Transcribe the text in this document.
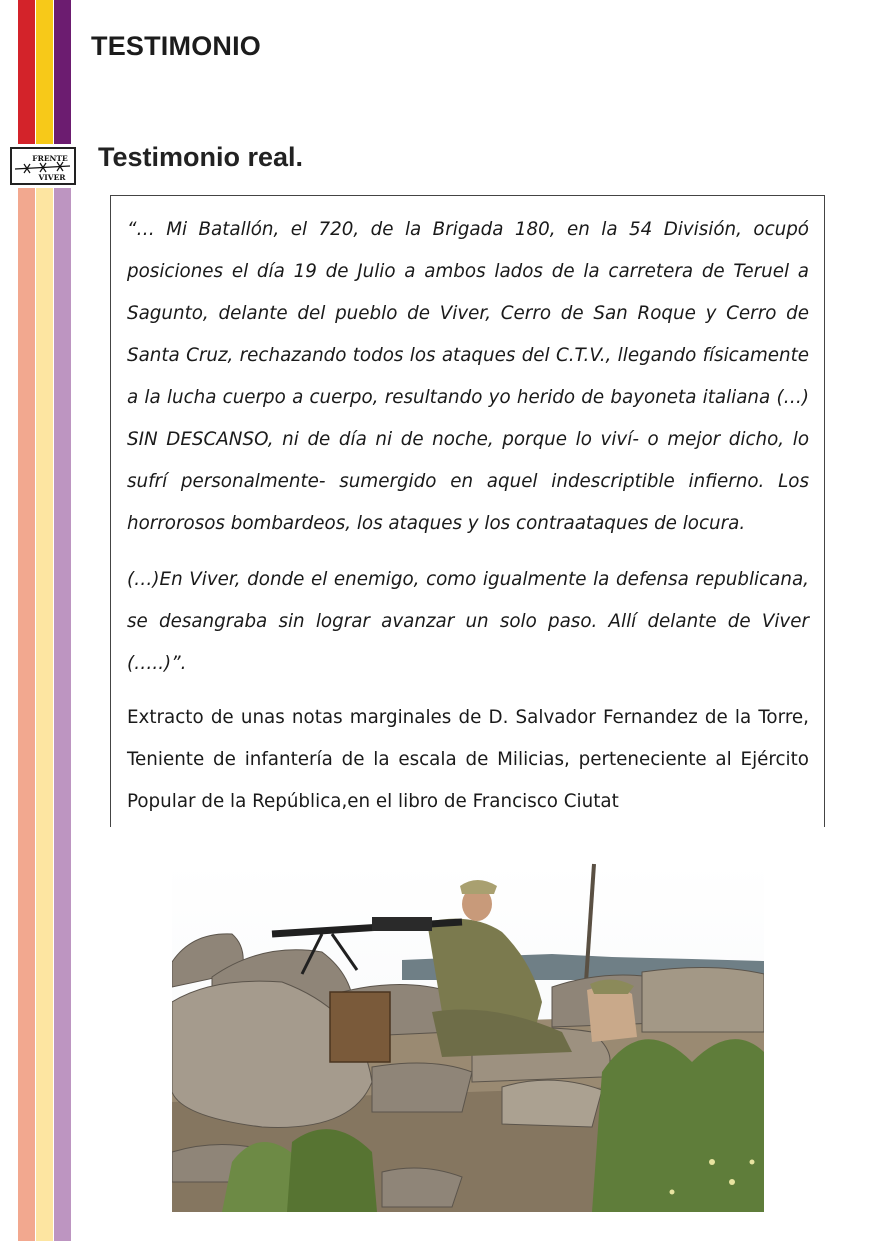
TESTIMONIO
FRENTE
VIVER
Testimonio real.

“… Mi Batallón, el 720, de la Brigada 180, en la 54 División, ocupó posiciones el día 19 de Julio a ambos lados de la carretera de Teruel a Sagunto, delante del pueblo de Viver, Cerro de San Roque y Cerro de Santa Cruz, rechazando todos los ataques del C.T.V., llegando físicamente a la lucha cuerpo a cuerpo, resultando yo herido de bayoneta italiana (…) SIN DESCANSO, ni de día ni de noche, porque lo viví- o mejor dicho, lo sufrí personalmente- sumergido en aquel indescriptible infierno. Los horrorosos bombardeos, los ataques y los contraataques de locura.

(…)En Viver, donde el enemigo, como igualmente la defensa republicana, se desangraba sin lograr avanzar un solo paso. Allí delante de Viver (…..)”.

Extracto de unas notas marginales de D. Salvador Fernandez de la Torre, Teniente de infantería de la escala de Milicias, perteneciente al Ejército Popular de la República,en el libro de Francisco Ciutat
